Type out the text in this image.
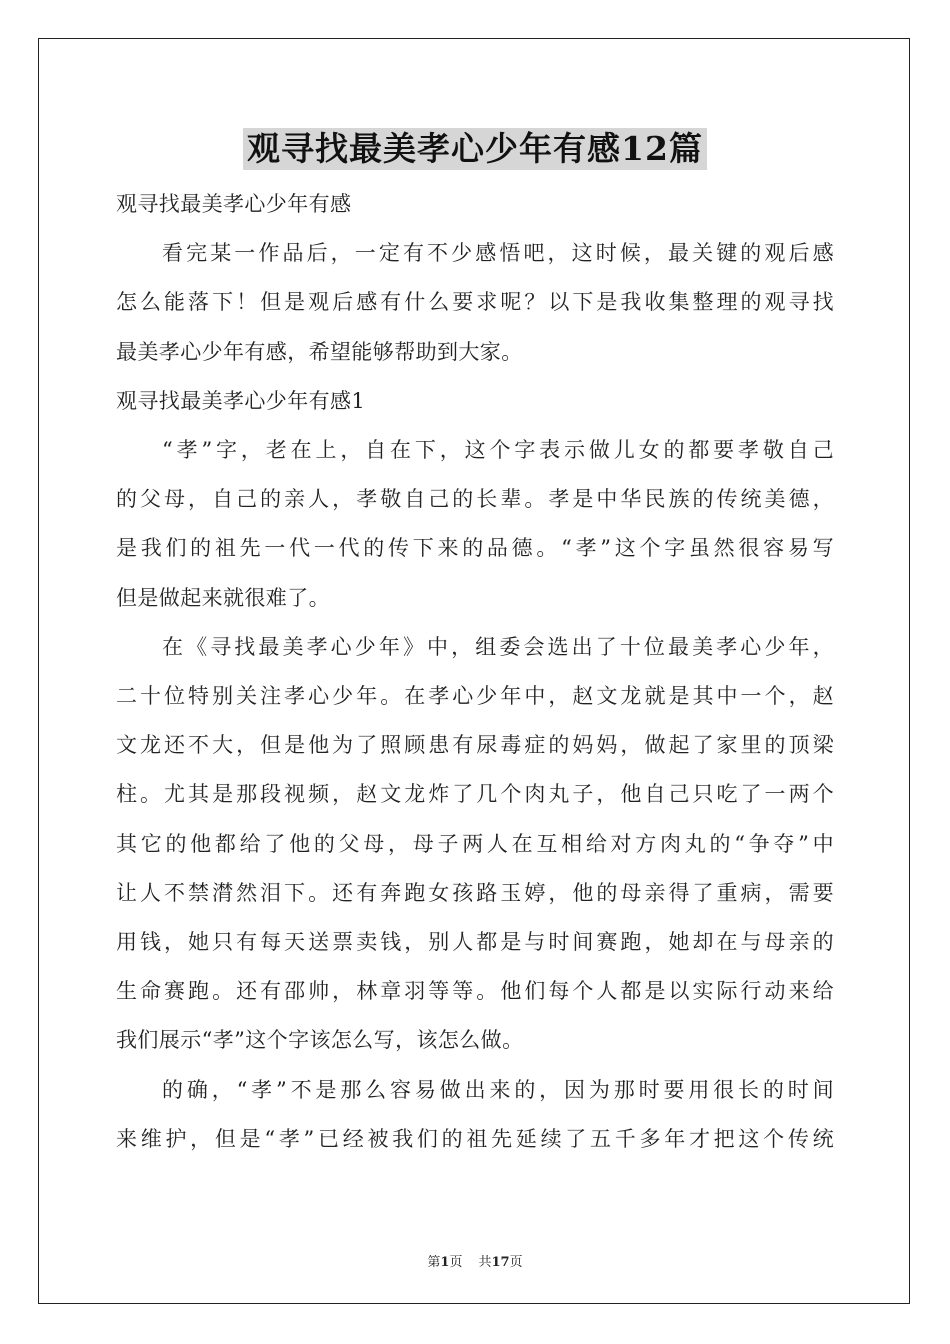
观寻找最美孝心少年有感12篇
观寻找最美孝心少年有感
看完某一作品后，一定有不少感悟吧，这时候，最关键的观后感
怎么能落下！但是观后感有什么要求呢？以下是我收集整理的观寻找
最美孝心少年有感，希望能够帮助到大家。
观寻找最美孝心少年有感1
“孝”字，老在上，自在下，这个字表示做儿女的都要孝敬自己
的父母，自己的亲人，孝敬自己的长辈。孝是中华民族的传统美德，
是我们的祖先一代一代的传下来的品德。“孝”这个字虽然很容易写
但是做起来就很难了。
在《寻找最美孝心少年》中，组委会选出了十位最美孝心少年，
二十位特别关注孝心少年。在孝心少年中，赵文龙就是其中一个，赵
文龙还不大，但是他为了照顾患有尿毒症的妈妈，做起了家里的顶梁
柱。尤其是那段视频，赵文龙炸了几个肉丸子，他自己只吃了一两个
其它的他都给了他的父母，母子两人在互相给对方肉丸的“争夺”中
让人不禁潸然泪下。还有奔跑女孩路玉婷，他的母亲得了重病，需要
用钱，她只有每天送票卖钱，别人都是与时间赛跑，她却在与母亲的
生命赛跑。还有邵帅，林章羽等等。他们每个人都是以实际行动来给
我们展示“孝”这个字该怎么写，该怎么做。
的确，“孝”不是那么容易做出来的，因为那时要用很长的时间
来维护，但是“孝”已经被我们的祖先延续了五千多年才把这个传统
第1页 共17页
